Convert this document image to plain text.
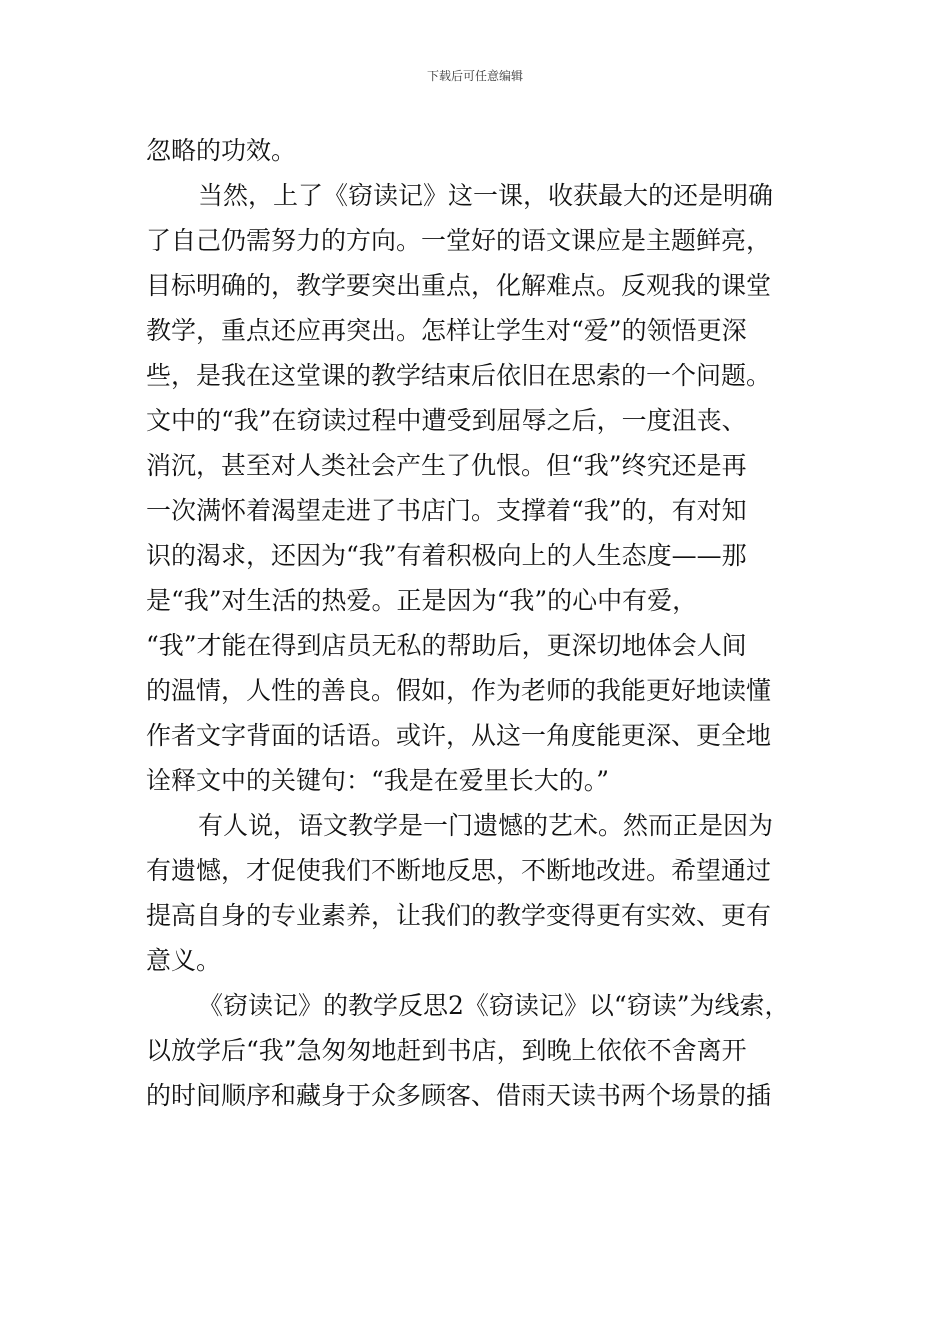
下载后可任意编辑
忽略的功效。
当然，上了《窃读记》这一课，收获最大的还是明确
了自己仍需努力的方向。一堂好的语文课应是主题鲜亮，
目标明确的，教学要突出重点，化解难点。反观我的课堂
教学，重点还应再突出。怎样让学生对“爱”的领悟更深
些，是我在这堂课的教学结束后依旧在思索的一个问题。
文中的“我”在窃读过程中遭受到屈辱之后，一度沮丧、
消沉，甚至对人类社会产生了仇恨。但“我”终究还是再
一次满怀着渴望走进了书店门。支撑着“我”的，有对知
识的渴求，还因为“我”有着积极向上的人生态度——那
是“我”对生活的热爱。正是因为“我”的心中有爱，
“我”才能在得到店员无私的帮助后，更深切地体会人间
的温情，人性的善良。假如，作为老师的我能更好地读懂
作者文字背面的话语。或许，从这一角度能更深、更全地
诠释文中的关键句：“我是在爱里长大的。”
有人说，语文教学是一门遗憾的艺术。然而正是因为
有遗憾，才促使我们不断地反思，不断地改进。希望通过
提高自身的专业素养，让我们的教学变得更有实效、更有
意义。
《窃读记》的教学反思2《窃读记》以“窃读”为线索，
以放学后“我”急匆匆地赶到书店，到晚上依依不舍离开
的时间顺序和藏身于众多顾客、借雨天读书两个场景的插
